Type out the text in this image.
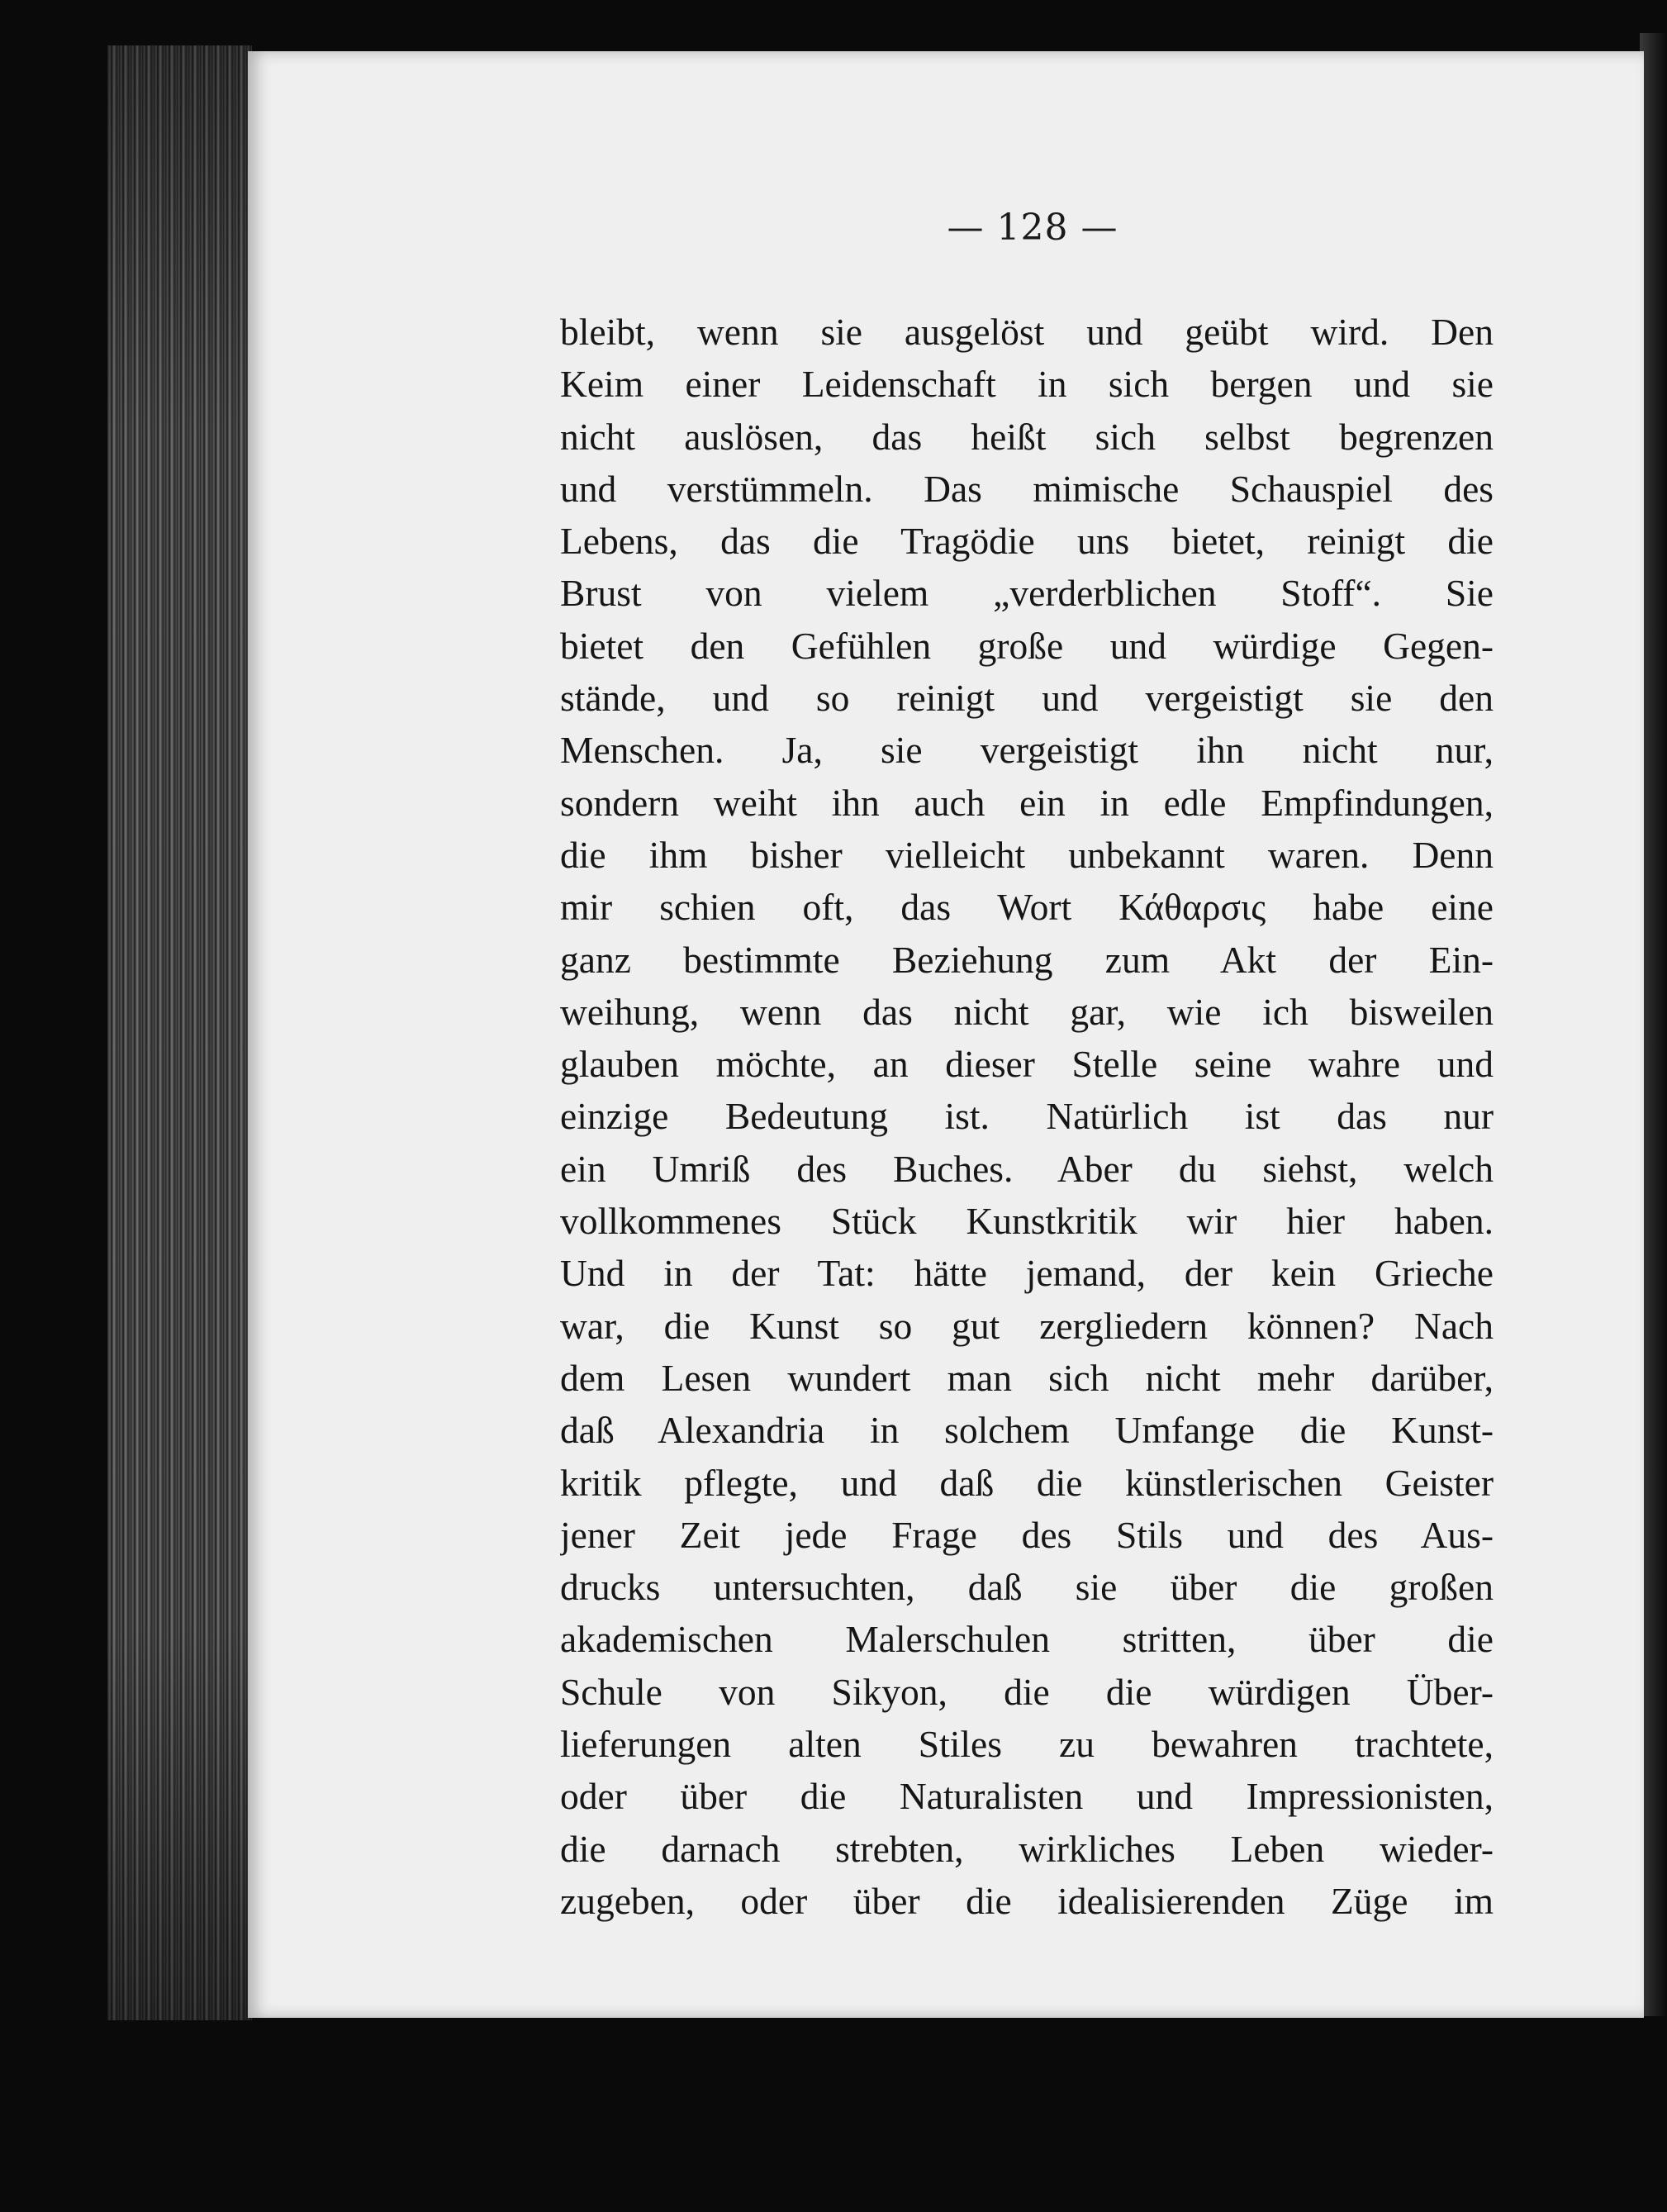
— 128 —
bleibt, wenn sie ausgelöst und geübt wird. Den
Keim einer Leidenschaft in sich bergen und sie
nicht auslösen, das heißt sich selbst begrenzen
und verstümmeln. Das mimische Schauspiel des
Lebens, das die Tragödie uns bietet, reinigt die
Brust von vielem „verderblichen Stoff“. Sie
bietet den Gefühlen große und würdige Gegen-
stände, und so reinigt und vergeistigt sie den
Menschen. Ja, sie vergeistigt ihn nicht nur,
sondern weiht ihn auch ein in edle Empfindungen,
die ihm bisher vielleicht unbekannt waren. Denn
mir schien oft, das Wort Κάθαρσις habe eine
ganz bestimmte Beziehung zum Akt der Ein-
weihung, wenn das nicht gar, wie ich bisweilen
glauben möchte, an dieser Stelle seine wahre und
einzige Bedeutung ist. Natürlich ist das nur
ein Umriß des Buches. Aber du siehst, welch
vollkommenes Stück Kunstkritik wir hier haben.
Und in der Tat: hätte jemand, der kein Grieche
war, die Kunst so gut zergliedern können? Nach
dem Lesen wundert man sich nicht mehr darüber,
daß Alexandria in solchem Umfange die Kunst-
kritik pflegte, und daß die künstlerischen Geister
jener Zeit jede Frage des Stils und des Aus-
drucks untersuchten, daß sie über die großen
akademischen Malerschulen stritten, über die
Schule von Sikyon, die die würdigen Über-
lieferungen alten Stiles zu bewahren trachtete,
oder über die Naturalisten und Impressionisten,
die darnach strebten, wirkliches Leben wieder-
zugeben, oder über die idealisierenden Züge im
